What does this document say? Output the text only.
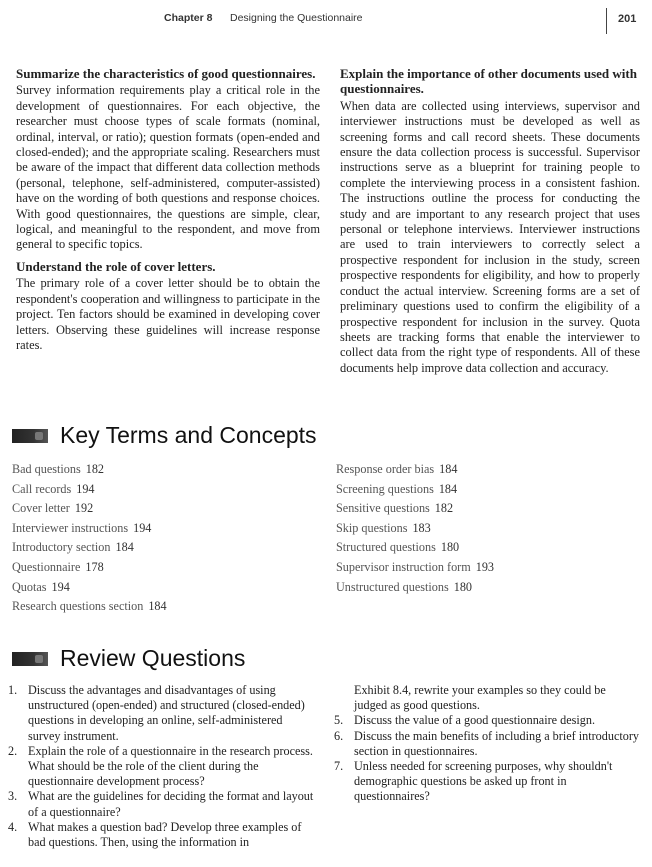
Chapter 8 Designing the Questionnaire	201
Summarize the characteristics of good questionnaires.
Survey information requirements play a critical role in the development of questionnaires. For each objective, the researcher must choose types of scale formats (nominal, ordinal, interval, or ratio); question formats (open-ended and closed-ended); and the appropriate scaling. Researchers must be aware of the impact that different data collection methods (personal, telephone, self-administered, computer-assisted) have on the wording of both questions and response choices. With good questionnaires, the questions are simple, clear, logical, and meaningful to the respondent, and move from general to specific topics.
Understand the role of cover letters.
The primary role of a cover letter should be to obtain the respondent's cooperation and willingness to participate in the project. Ten factors should be examined in developing cover letters. Observing these guidelines will increase response rates.
Explain the importance of other documents used with questionnaires.
When data are collected using interviews, supervisor and interviewer instructions must be developed as well as screening forms and call record sheets. These documents ensure the data collection process is successful. Supervisor instructions serve as a blueprint for training people to complete the interviewing process in a consistent fashion. The instructions outline the process for conducting the study and are important to any research project that uses personal or telephone interviews. Interviewer instructions are used to train interviewers to correctly select a prospective respondent for inclusion in the study, screen prospective respondents for eligibility, and how to properly conduct the actual interview. Screening forms are a set of preliminary questions used to confirm the eligibility of a prospective respondent for inclusion in the survey. Quota sheets are tracking forms that enable the interviewer to collect data from the right type of respondents. All of these documents help improve data collection and accuracy.
Key Terms and Concepts
Bad questions 182
Call records 194
Cover letter 192
Interviewer instructions 194
Introductory section 184
Questionnaire 178
Quotas 194
Research questions section 184
Response order bias 184
Screening questions 184
Sensitive questions 182
Skip questions 183
Structured questions 180
Supervisor instruction form 193
Unstructured questions 180
Review Questions
1. Discuss the advantages and disadvantages of using unstructured (open-ended) and structured (closed-ended) questions in developing an online, self-administered survey instrument.
2. Explain the role of a questionnaire in the research process. What should be the role of the client during the questionnaire development process?
3. What are the guidelines for deciding the format and layout of a questionnaire?
4. What makes a question bad? Develop three examples of bad questions. Then, using the information in
Exhibit 8.4, rewrite your examples so they could be judged as good questions.
5. Discuss the value of a good questionnaire design.
6. Discuss the main benefits of including a brief introductory section in questionnaires.
7. Unless needed for screening purposes, why shouldn't demographic questions be asked up front in questionnaires?
